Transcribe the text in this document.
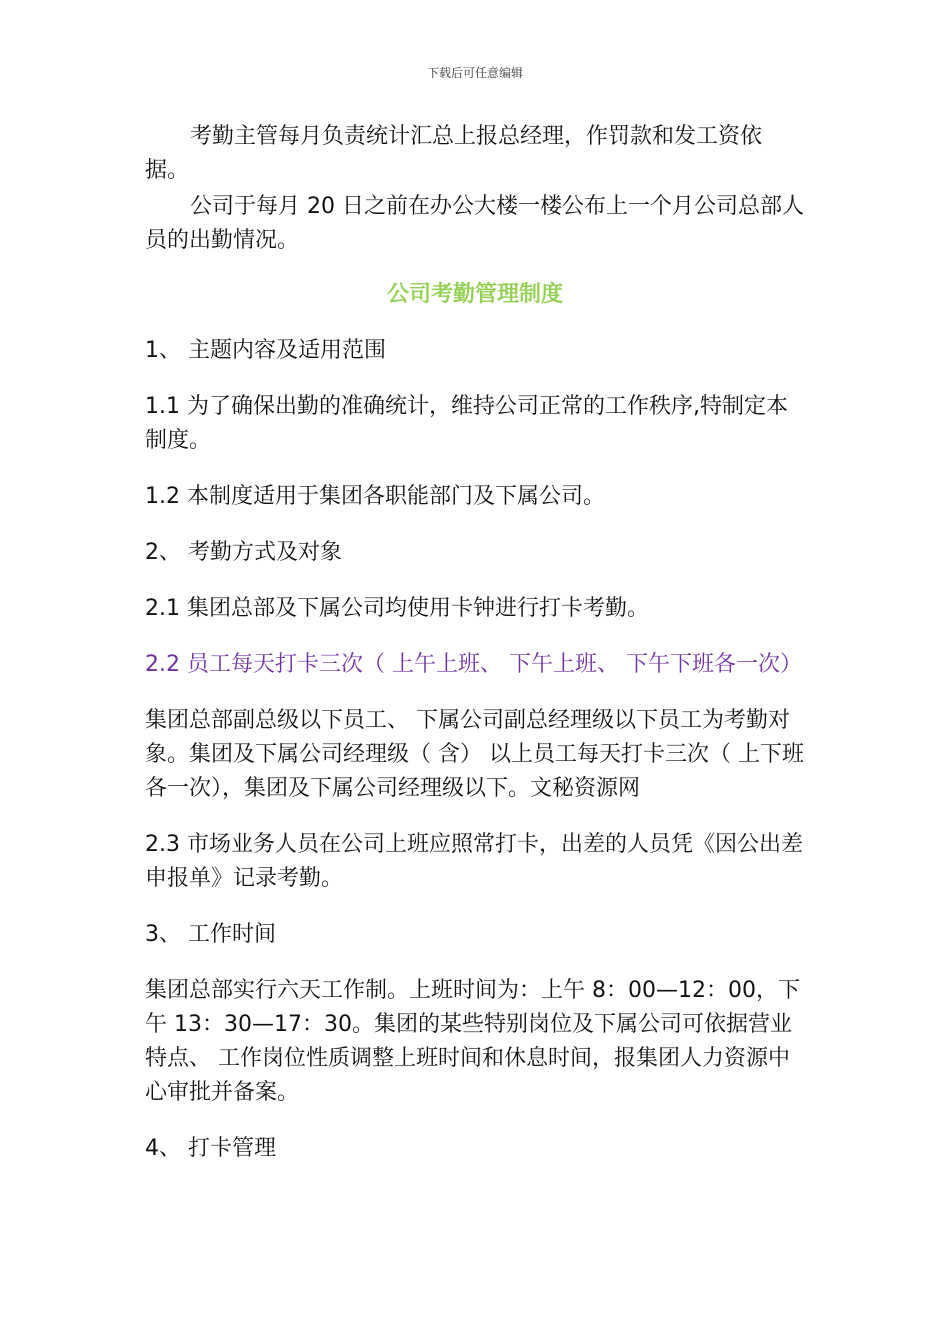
下载后可任意编辑

考勤主管每月负责统计汇总上报总经理，作罚款和发工资依据。

公司于每月 20 日之前在办公大楼一楼公布上一个月公司总部人员的出勤情况。

公司考勤管理制度

1、 主题内容及适用范围

1.1 为了确保出勤的准确统计，维持公司正常的工作秩序,特制定本制度。

1.2 本制度适用于集团各职能部门及下属公司。

2、 考勤方式及对象

2.1 集团总部及下属公司均使用卡钟进行打卡考勤。

2.2 员工每天打卡三次（ 上午上班、 下午上班、 下午下班各一次）

集团总部副总级以下员工、 下属公司副总经理级以下员工为考勤对象。集团及下属公司经理级（ 含） 以上员工每天打卡三次（ 上下班各一次），集团及下属公司经理级以下。文秘资源网

2.3 市场业务人员在公司上班应照常打卡，出差的人员凭《因公出差申报单》记录考勤。

3、 工作时间

集团总部实行六天工作制。上班时间为：上午 8：00—12：00，下午 13：30—17：30。集团的某些特别岗位及下属公司可依据营业特点、 工作岗位性质调整上班时间和休息时间，报集团人力资源中心审批并备案。

4、 打卡管理
